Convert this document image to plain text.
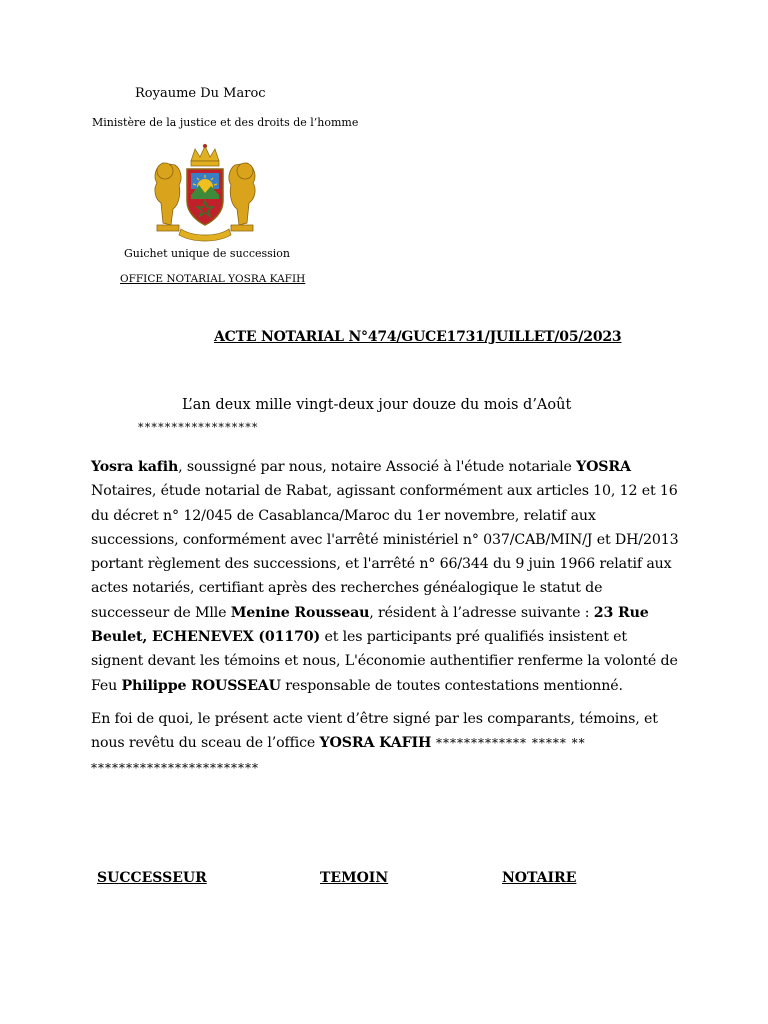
Royaume Du Maroc
Ministère de la justice et des droits de l’homme
Guichet unique de succession
OFFICE NOTARIAL YOSRA KAFIH
ACTE NOTARIAL N°474/GUCE1731/JUILLET/05/2023
L’an deux mille vingt-deux jour douze du mois d’Août
******************

Yosra kafih, soussigné par nous, notaire Associé à l'étude notariale YOSRA Notaires, étude notarial de Rabat, agissant conformément aux articles 10, 12 et 16 du décret n° 12/045 de Casablanca/Maroc du 1er novembre, relatif aux successions, conformément avec l'arrêté ministériel n° 037/CAB/MIN/J et DH/2013 portant règlement des successions, et l'arrêté n° 66/344 du 9 juin 1966 relatif aux actes notariés, certifiant après des recherches généalogique le statut de successeur de Mlle Menine Rousseau, résident à l’adresse suivante : 23 Rue Beulet, ECHENEVEX (01170) et les participants pré qualifiés insistent et signent devant les témoins et nous, L'économie authentifier renferme la volonté de Feu Philippe ROUSSEAU responsable de toutes contestations mentionné.

En foi de quoi, le présent acte vient d’être signé par les comparants, témoins, et nous revêtu du sceau de l’office YOSRA KAFIH ************* ***** ** ************************

SUCCESSEUR	TEMOIN	NOTAIRE
